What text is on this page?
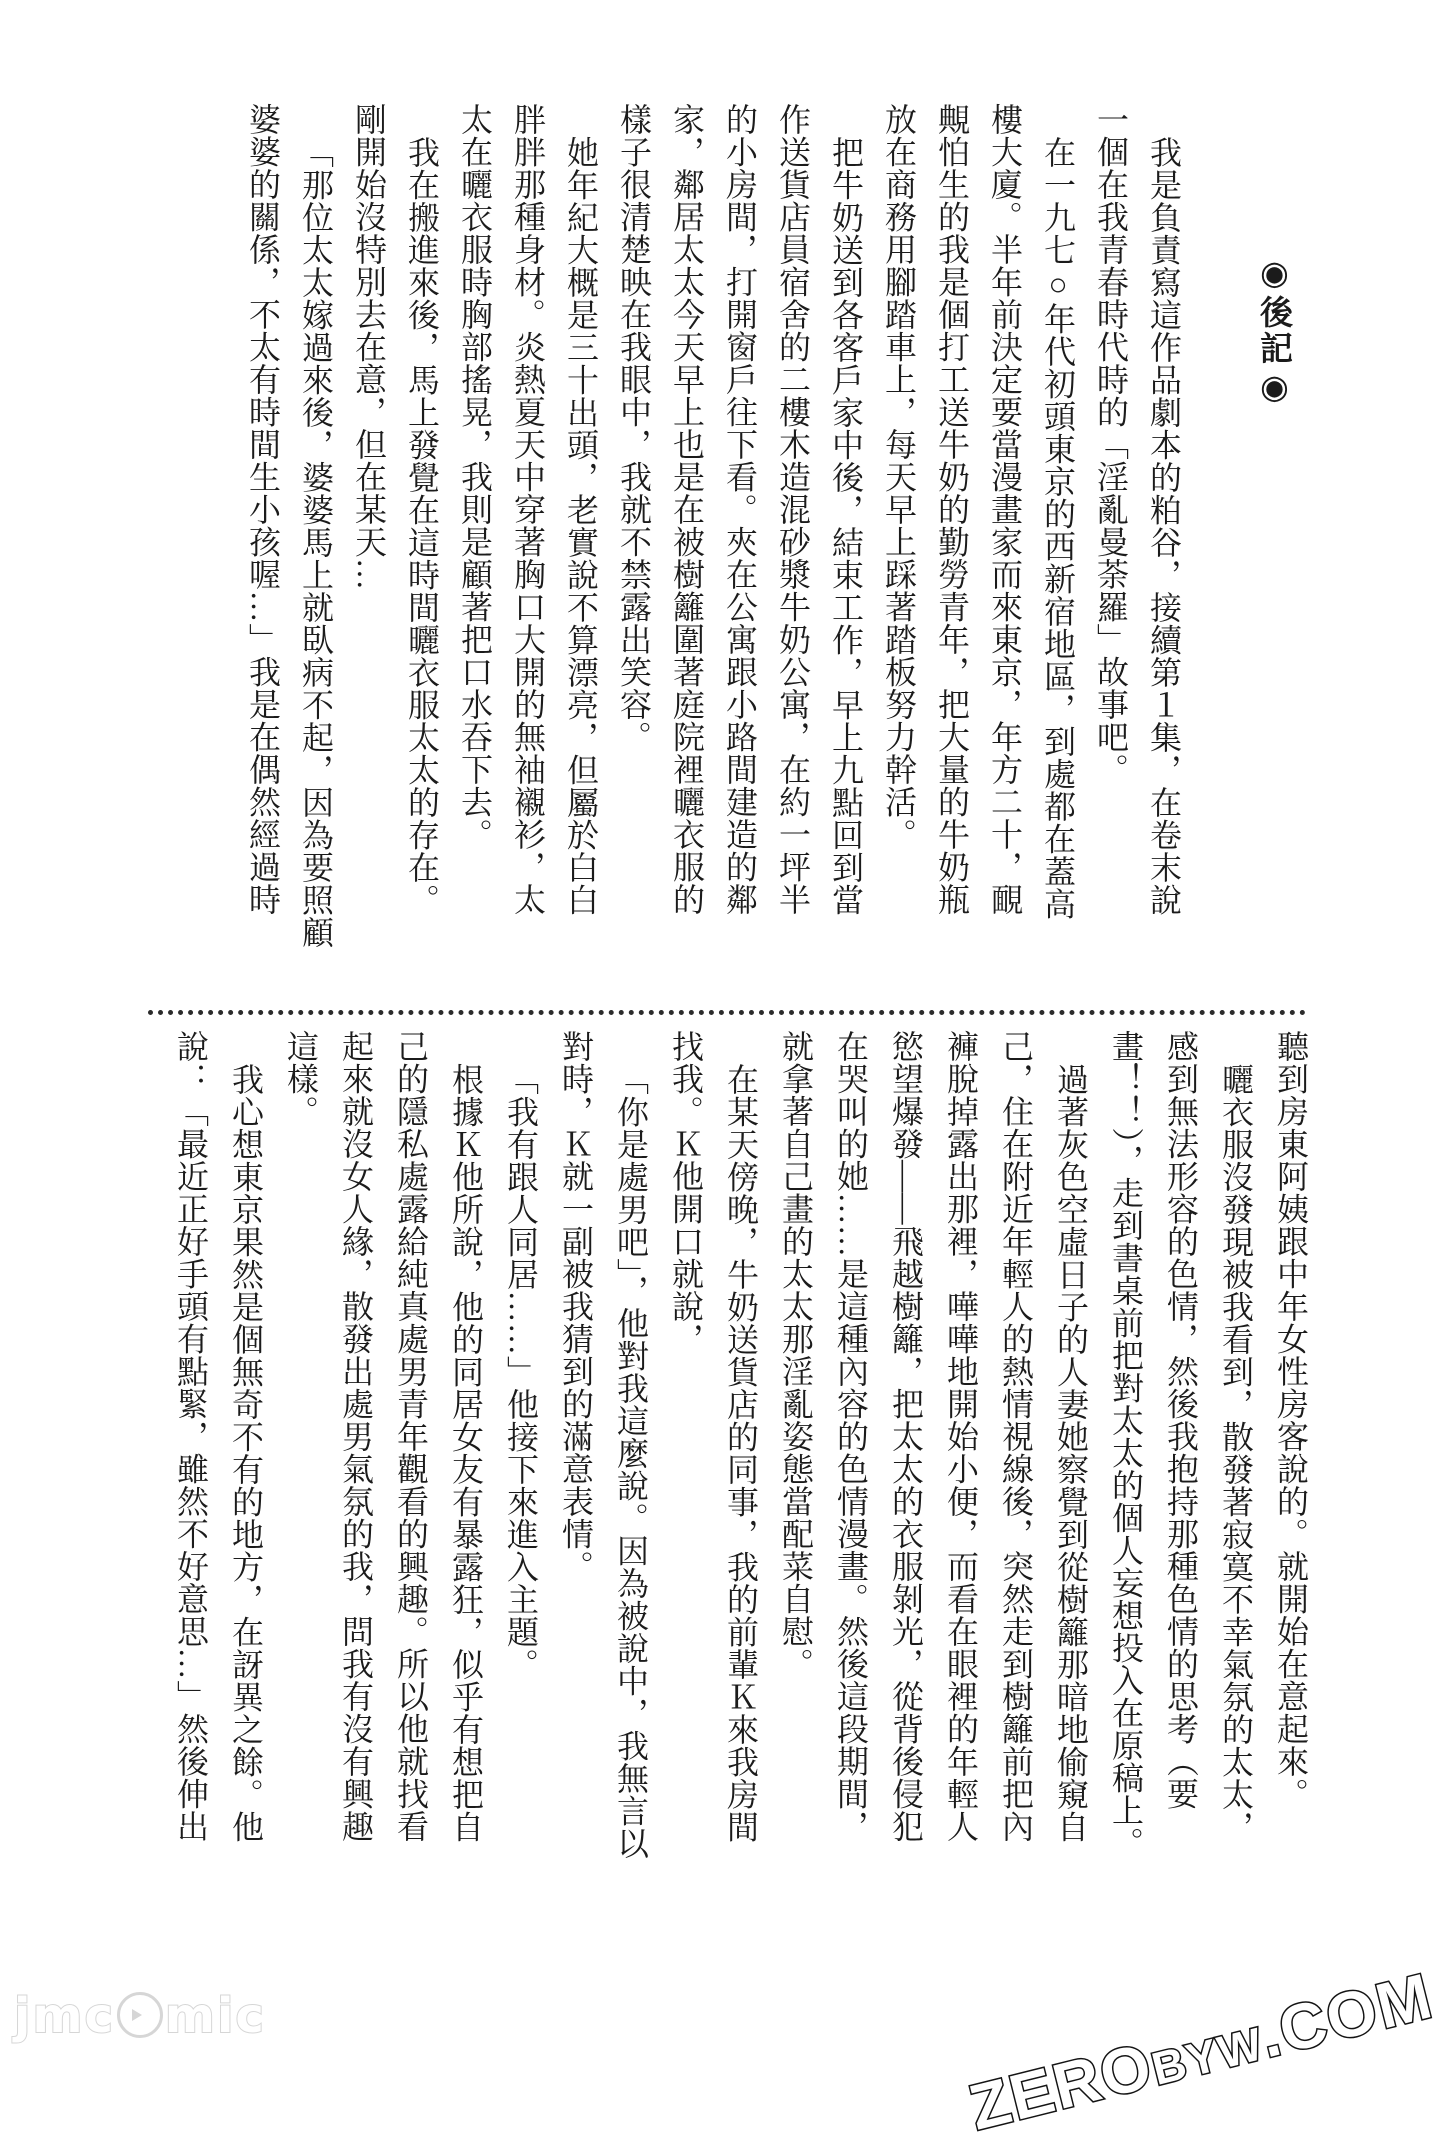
◉後記◉

我是負責寫這作品劇本的粕谷，接續第１集，在卷末說

一個在我青春時代時的「淫亂曼荼羅」故事吧。

在一九七○年代初頭東京的西新宿地區，到處都在蓋高

樓大廈。半年前決定要當漫畫家而來東京，年方二十，靦

覥怕生的我是個打工送牛奶的勤勞青年，把大量的牛奶瓶

放在商務用腳踏車上，每天早上踩著踏板努力幹活。

把牛奶送到各客戶家中後，結束工作，早上九點回到當

作送貨店員宿舍的二樓木造混砂漿牛奶公寓，在約一坪半

的小房間，打開窗戶往下看。夾在公寓跟小路間建造的鄰

家，鄰居太太今天早上也是在被樹籬圍著庭院裡曬衣服的

樣子很清楚映在我眼中，我就不禁露出笑容。

她年紀大概是三十出頭，老實說不算漂亮，但屬於白白

胖胖那種身材。炎熱夏天中穿著胸口大開的無袖襯衫，太

太在曬衣服時胸部搖晃，我則是顧著把口水吞下去。

我在搬進來後，馬上發覺在這時間曬衣服太太的存在。

剛開始沒特別去在意，但在某天…

「那位太太嫁過來後，婆婆馬上就臥病不起，因為要照顧

婆婆的關係，不太有時間生小孩喔…」我是在偶然經過時

聽到房東阿姨跟中年女性房客說的。就開始在意起來。

曬衣服沒發現被我看到，散發著寂寞不幸氣氛的太太，

感到無法形容的色情，然後我抱持那種色情的思考（要

畫！！），走到書桌前把對太太的個人妄想投入在原稿上。

過著灰色空虛日子的人妻她察覺到從樹籬那暗地偷窺自

己，住在附近年輕人的熱情視線後，突然走到樹籬前把內

褲脫掉露出那裡，嘩嘩地開始小便，而看在眼裡的年輕人

慾望爆發——飛越樹籬，把太太的衣服剝光，從背後侵犯

在哭叫的她……是這種內容的色情漫畫。然後這段期間，

就拿著自己畫的太太那淫亂姿態當配菜自慰。

在某天傍晚，牛奶送貨店的同事，我的前輩Ｋ來我房間

找我。Ｋ他開口就說，

「你是處男吧」，他對我這麼說。因為被說中，我無言以

對時，Ｋ就一副被我猜到的滿意表情。

「我有跟人同居……」他接下來進入主題。

根據Ｋ他所說，他的同居女友有暴露狂，似乎有想把自

己的隱私處露給純真處男青年觀看的興趣。所以他就找看

起來就沒女人緣，散發出處男氣氛的我，問我有沒有興趣

這樣。

我心想東京果然是個無奇不有的地方，在訝異之餘。他

說：「最近正好手頭有點緊，雖然不好意思…」然後伸出

jmc mic
ZEROBYW.COM
